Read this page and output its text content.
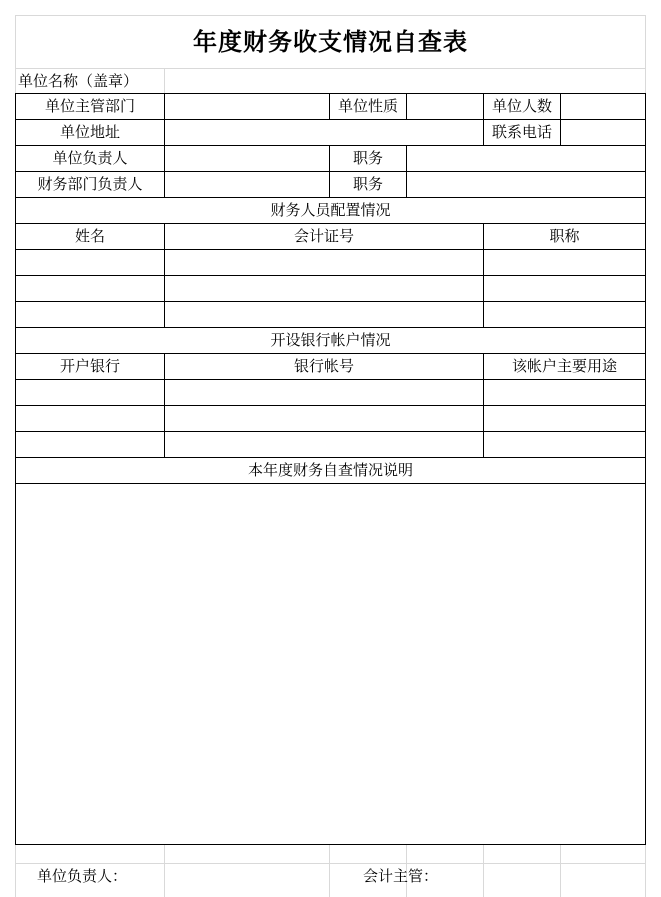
年度财务收支情况自查表
单位名称（盖章）
单位主管部门	单位性质	单位人数
单位地址	联系电话
单位负责人	职务
财务部门负责人	职务
财务人员配置情况
姓名	会计证号	职称
开设银行帐户情况
开户银行	银行帐号	该帐户主要用途
本年度财务自查情况说明
单位负责人：	会计主管：
